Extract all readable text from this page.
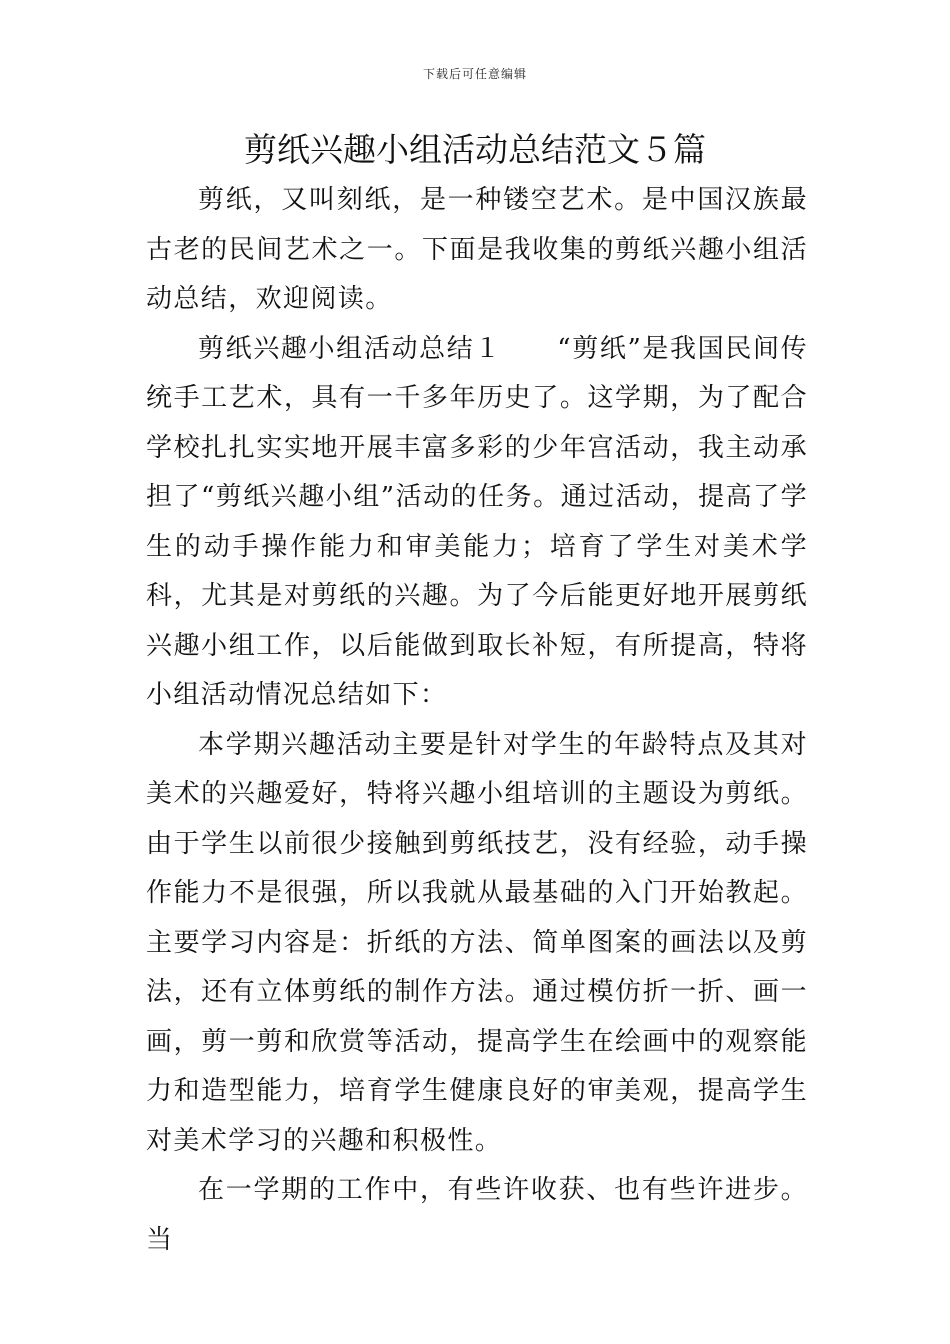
下载后可任意编辑
剪纸兴趣小组活动总结范文５篇

剪纸，又叫刻纸，是一种镂空艺术。是中国汉族最古老的民间艺术之一。下面是我收集的剪纸兴趣小组活动总结，欢迎阅读。

剪纸兴趣小组活动总结１　　“剪纸”是我国民间传统手工艺术，具有一千多年历史了。这学期，为了配合学校扎扎实实地开展丰富多彩的少年宫活动，我主动承担了“剪纸兴趣小组”活动的任务。通过活动，提高了学生的动手操作能力和审美能力；培育了学生对美术学科，尤其是对剪纸的兴趣。为了今后能更好地开展剪纸兴趣小组工作，以后能做到取长补短，有所提高，特将小组活动情况总结如下：

本学期兴趣活动主要是针对学生的年龄特点及其对美术的兴趣爱好，特将兴趣小组培训的主题设为剪纸。由于学生以前很少接触到剪纸技艺，没有经验，动手操作能力不是很强，所以我就从最基础的入门开始教起。主要学习内容是：折纸的方法、简单图案的画法以及剪法，还有立体剪纸的制作方法。通过模仿折一折、画一画，剪一剪和欣赏等活动，提高学生在绘画中的观察能力和造型能力，培育学生健康良好的审美观，提高学生对美术学习的兴趣和积极性。

在一学期的工作中，有些许收获、也有些许进步。当
